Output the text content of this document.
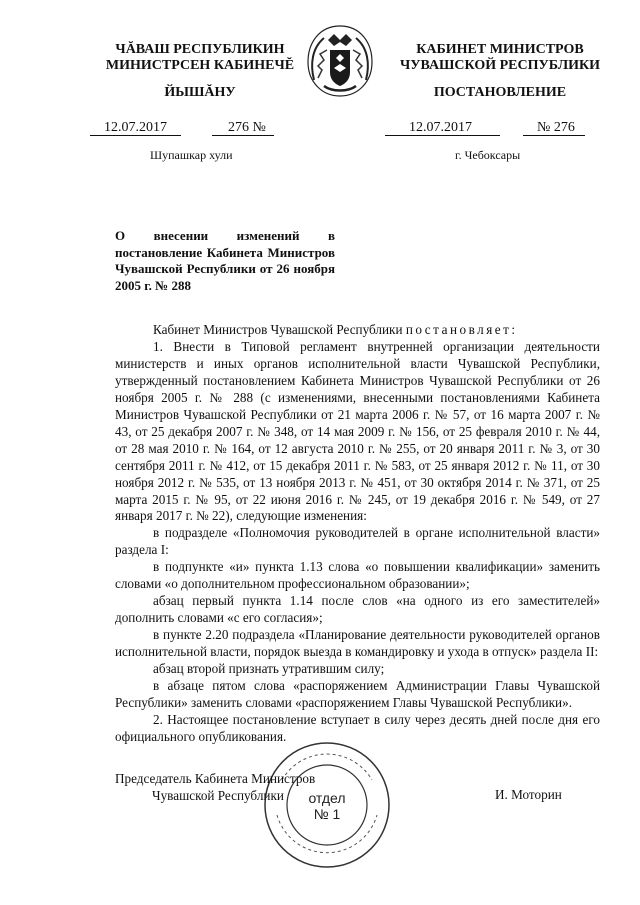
ЧĂВАШ РЕСПУБЛИКИН
МИНИСТРСЕН КАБИНЕЧĔ
КАБИНЕТ МИНИСТРОВ
ЧУВАШСКОЙ РЕСПУБЛИКИ
ЙЫШĂНУ	ПОСТАНОВЛЕНИЕ
12.07.2017	276 №	12.07.2017	№ 276
Шупашкар хули	г. Чебоксары
О внесении изменений в постановление Кабинета Министров Чувашской Республики от 26 ноября 2005 г. № 288

Кабинет Министров Чувашской Республики постановляет:

1. Внести в Типовой регламент внутренней организации деятельности министерств и иных органов исполнительной власти Чувашской Республики, утвержденный постановлением Кабинета Министров Чувашской Республики от 26 ноября 2005 г. № 288 (с изменениями, внесенными постановлениями Кабинета Министров Чувашской Республики от 21 марта 2006 г. № 57, от 16 марта 2007 г. № 43, от 25 декабря 2007 г. № 348, от 14 мая 2009 г. № 156, от 25 февраля 2010 г. № 44, от 28 мая 2010 г. № 164, от 12 августа 2010 г. № 255, от 20 января 2011 г. № 3, от 30 сентября 2011 г. № 412, от 15 декабря 2011 г. № 583, от 25 января 2012 г. № 11, от 30 ноября 2012 г. № 535, от 13 ноября 2013 г. № 451, от 30 октября 2014 г. № 371, от 25 марта 2015 г. № 95, от 22 июня 2016 г. № 245, от 19 декабря 2016 г. № 549, от 27 января 2017 г. № 22), следующие изменения:

в подразделе «Полномочия руководителей в органе исполнительной власти» раздела I:

в подпункте «и» пункта 1.13 слова «о повышении квалификации» заменить словами «о дополнительном профессиональном образовании»;

абзац первый пункта 1.14 после слов «на одного из его заместителей» дополнить словами «с его согласия»;

в пункте 2.20 подраздела «Планирование деятельности руководителей органов исполнительной власти, порядок выезда в командировку и ухода в отпуск» раздела II:

абзац второй признать утратившим силу;

в абзаце пятом слова «распоряжением Администрации Главы Чувашской Республики» заменить словами «распоряжением Главы Чувашской Республики».

2. Настоящее постановление вступает в силу через десять дней после дня его официального опубликования.

отдел
№ 1
Председатель Кабинета Министров
Чувашской Республики	И. Моторин
